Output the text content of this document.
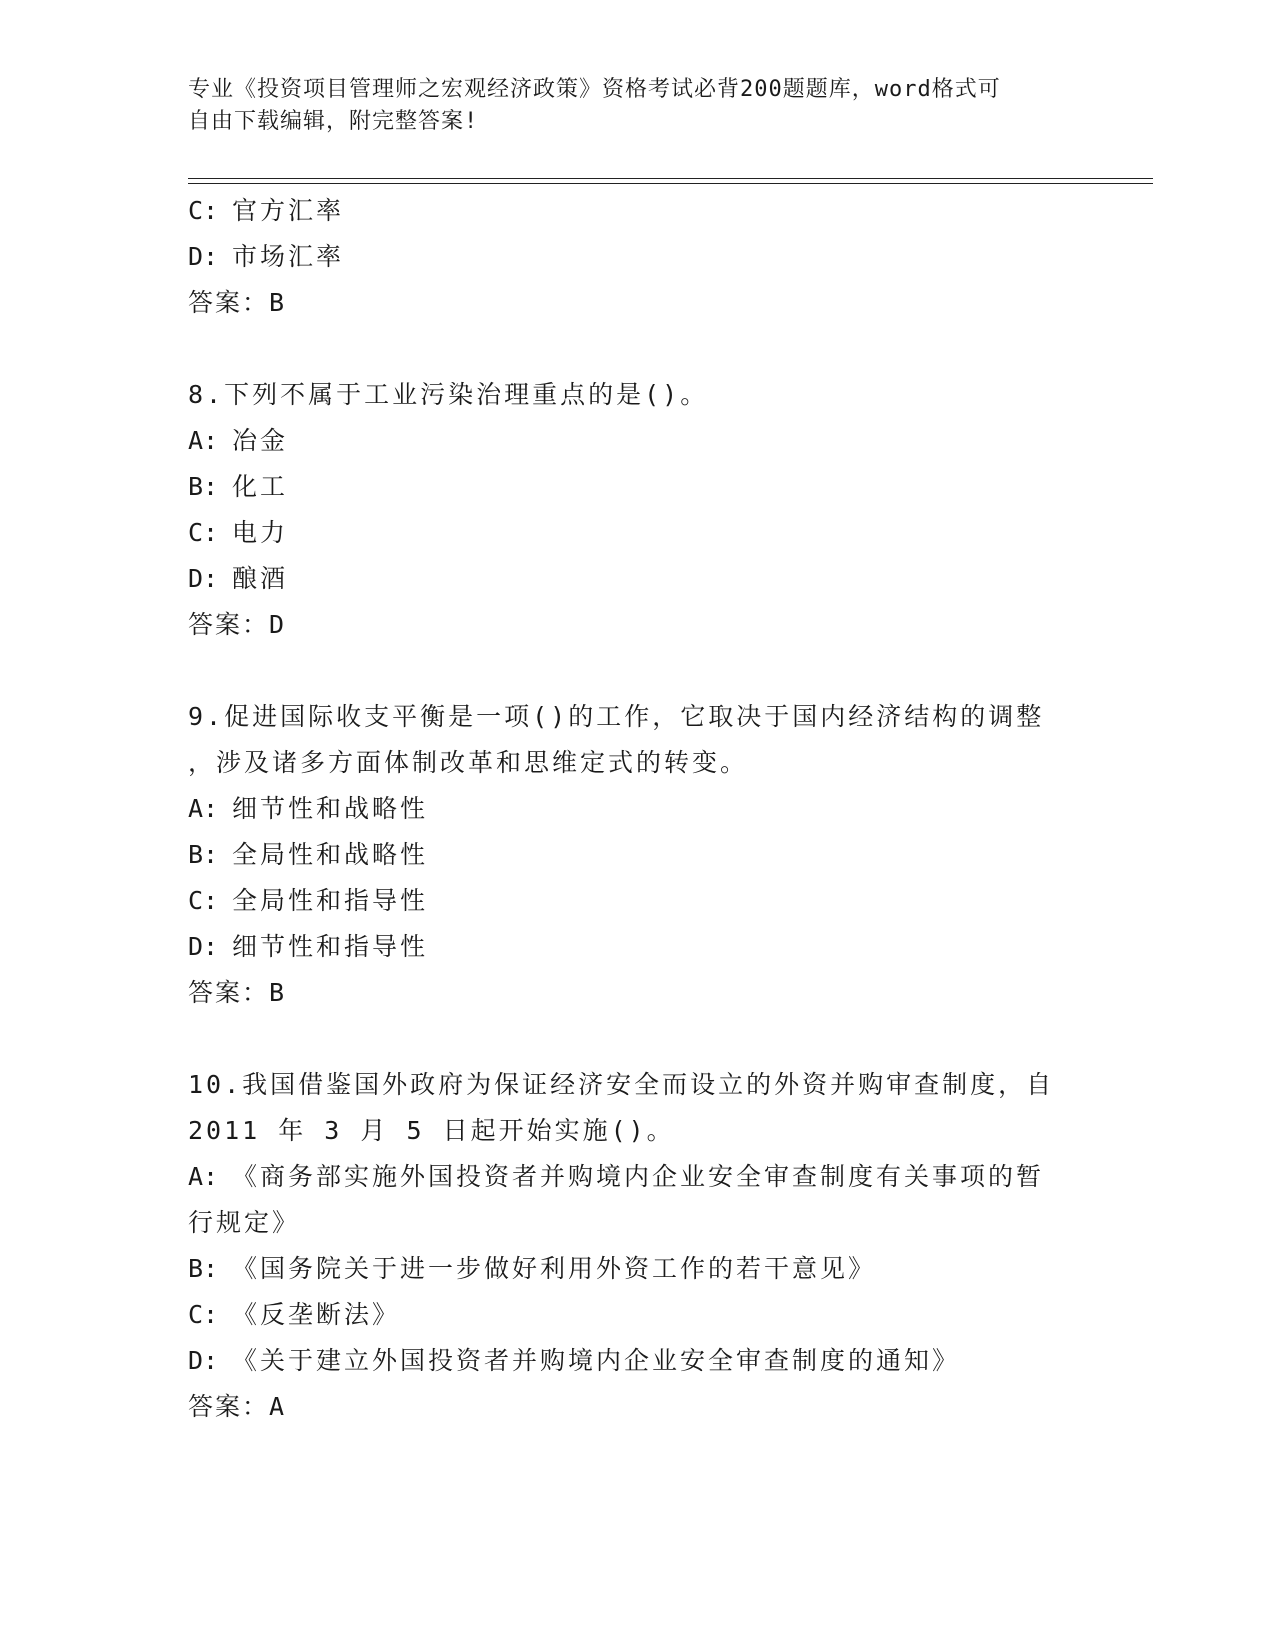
专业《投资项目管理师之宏观经济政策》资格考试必背200题题库，word格式可
自由下载编辑，附完整答案!
C: 官方汇率
D: 市场汇率
答案：B
8.下列不属于工业污染治理重点的是()。
A: 冶金
B: 化工
C: 电力
D: 酿酒
答案：D
9.促进国际收支平衡是一项()的工作，它取决于国内经济结构的调整
，涉及诸多方面体制改革和思维定式的转变。
A: 细节性和战略性
B: 全局性和战略性
C: 全局性和指导性
D: 细节性和指导性
答案：B
10.我国借鉴国外政府为保证经济安全而设立的外资并购审查制度，自
2011 年 3 月 5 日起开始实施()。
A: 《商务部实施外国投资者并购境内企业安全审查制度有关事项的暂
行规定》
B: 《国务院关于进一步做好利用外资工作的若干意见》
C: 《反垄断法》
D: 《关于建立外国投资者并购境内企业安全审查制度的通知》
答案：A
